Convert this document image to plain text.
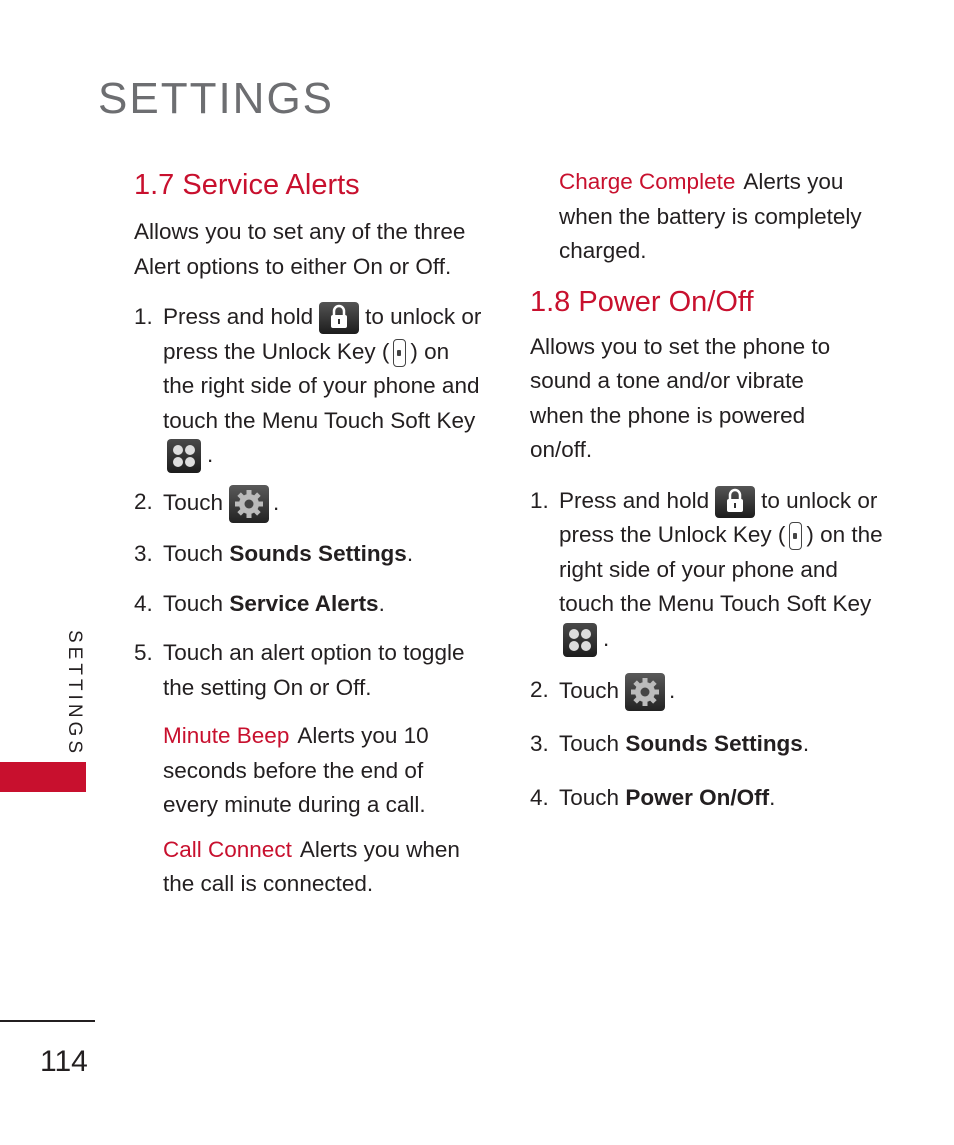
SETTINGS
1.7 Service Alerts

Allows you to set any of the three Alert options to either On or Off.

1. Press and hold to unlock or press the Unlock Key ( ) on the right side of your phone and touch the Menu Touch Soft Key.
2. Touch .
3. Touch Sounds Settings.
4. Touch Service Alerts.
5. Touch an alert option to toggle the setting On or Off.
Minute Beep Alerts you 10 seconds before the end of every minute during a call.
Call Connect Alerts you when the call is connected.
Charge Complete Alerts you when the battery is completely charged.
1.8 Power On/Off

Allows you to set the phone to sound a tone and/or vibrate when the phone is powered on/off.

1. Press and hold to unlock or press the Unlock Key ( ) on the right side of your phone and touch the Menu Touch Soft Key.
2. Touch .
3. Touch Sounds Settings.
4. Touch Power On/Off.
SETTINGS
114
